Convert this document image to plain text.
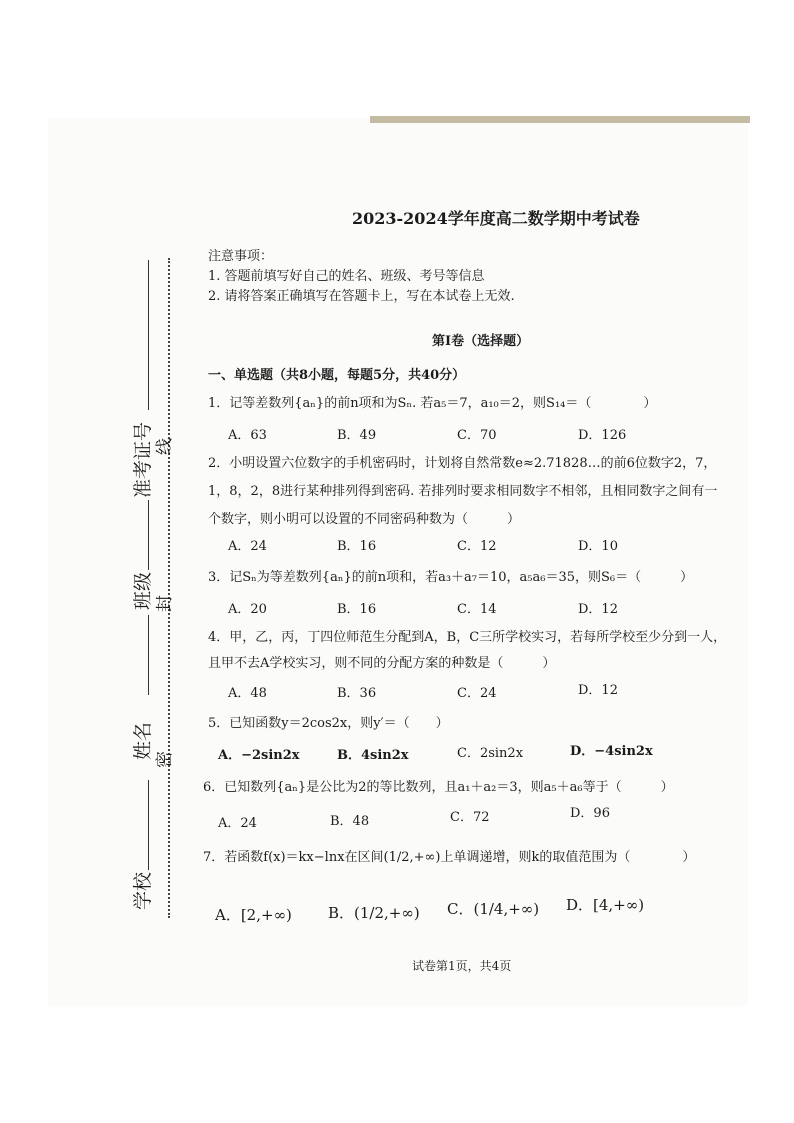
学校
姓名
班级
准考证号
密
封
线
2023-2024学年度高二数学期中考试卷
注意事项：
1. 答题前填写好自己的姓名、班级、考号等信息
2. 请将答案正确填写在答题卡上，写在本试卷上无效.
第Ⅰ卷（选择题）
一、单选题（共8小题，每题5分，共40分）
1．记等差数列{aₙ}的前n项和为Sₙ. 若a₅＝7，a₁₀＝2，则S₁₄＝（　　　　）
A．63	B．49	C．70	D．126
2．小明设置六位数字的手机密码时，计划将自然常数e≈2.71828…的前6位数字2，7，
1，8，2，8进行某种排列得到密码. 若排列时要求相同数字不相邻，且相同数字之间有一
个数字，则小明可以设置的不同密码种数为（　　　）
A．24	B．16	C．12	D．10
3．记Sₙ为等差数列{aₙ}的前n项和，若a₃＋a₇＝10，a₅a₆＝35，则S₆＝（　　　）
A．20	B．16	C．14	D．12
4．甲，乙，丙，丁四位师范生分配到A，B，C三所学校实习，若每所学校至少分到一人，
且甲不去A学校实习，则不同的分配方案的种数是（　　　）
A．48	B．36	C．24	D．12
5．已知函数y＝2cos2x，则y′＝（　　）
A．−2sin2x	B．4sin2x	C．2sin2x	D．−4sin2x
6．已知数列{aₙ}是公比为2的等比数列，且a₁＋a₂＝3，则a₅＋a₆等于（　　　）
A．24	B．48	C．72	D．96
7．若函数f(x)＝kx−lnx在区间(1/2,+∞)上单调递增，则k的取值范围为（　　　　）
A．[2,+∞) B．(1/2,+∞) C．(1/4,+∞) D．[4,+∞)
试卷第1页，共4页
